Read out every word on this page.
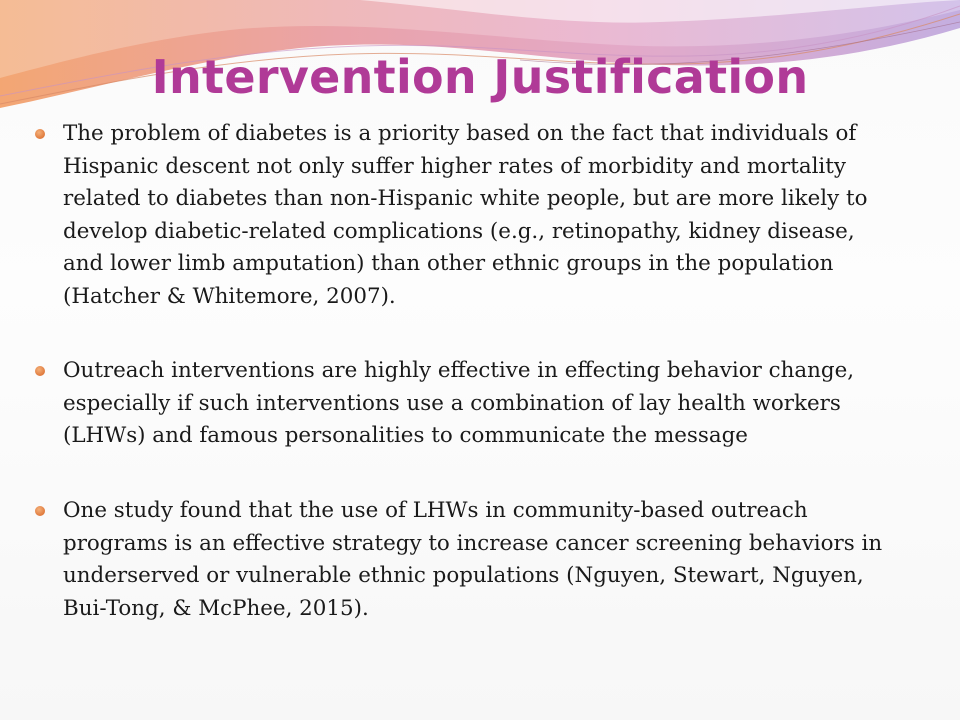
Intervention Justification

The problem of diabetes is a priority based on the fact that individuals of
Hispanic descent not only suffer higher rates of morbidity and mortality
related to diabetes than non-Hispanic white people, but are more likely to
develop diabetic-related complications (e.g., retinopathy, kidney disease,
and lower limb amputation) than other ethnic groups in the population
(Hatcher & Whitemore, 2007).

Outreach interventions are highly effective in effecting behavior change,
especially if such interventions use a combination of lay health workers
(LHWs) and famous personalities to communicate the message

One study found that the use of LHWs in community-based outreach
programs is an effective strategy to increase cancer screening behaviors in
underserved or vulnerable ethnic populations (Nguyen, Stewart, Nguyen,
Bui-Tong, & McPhee, 2015).
